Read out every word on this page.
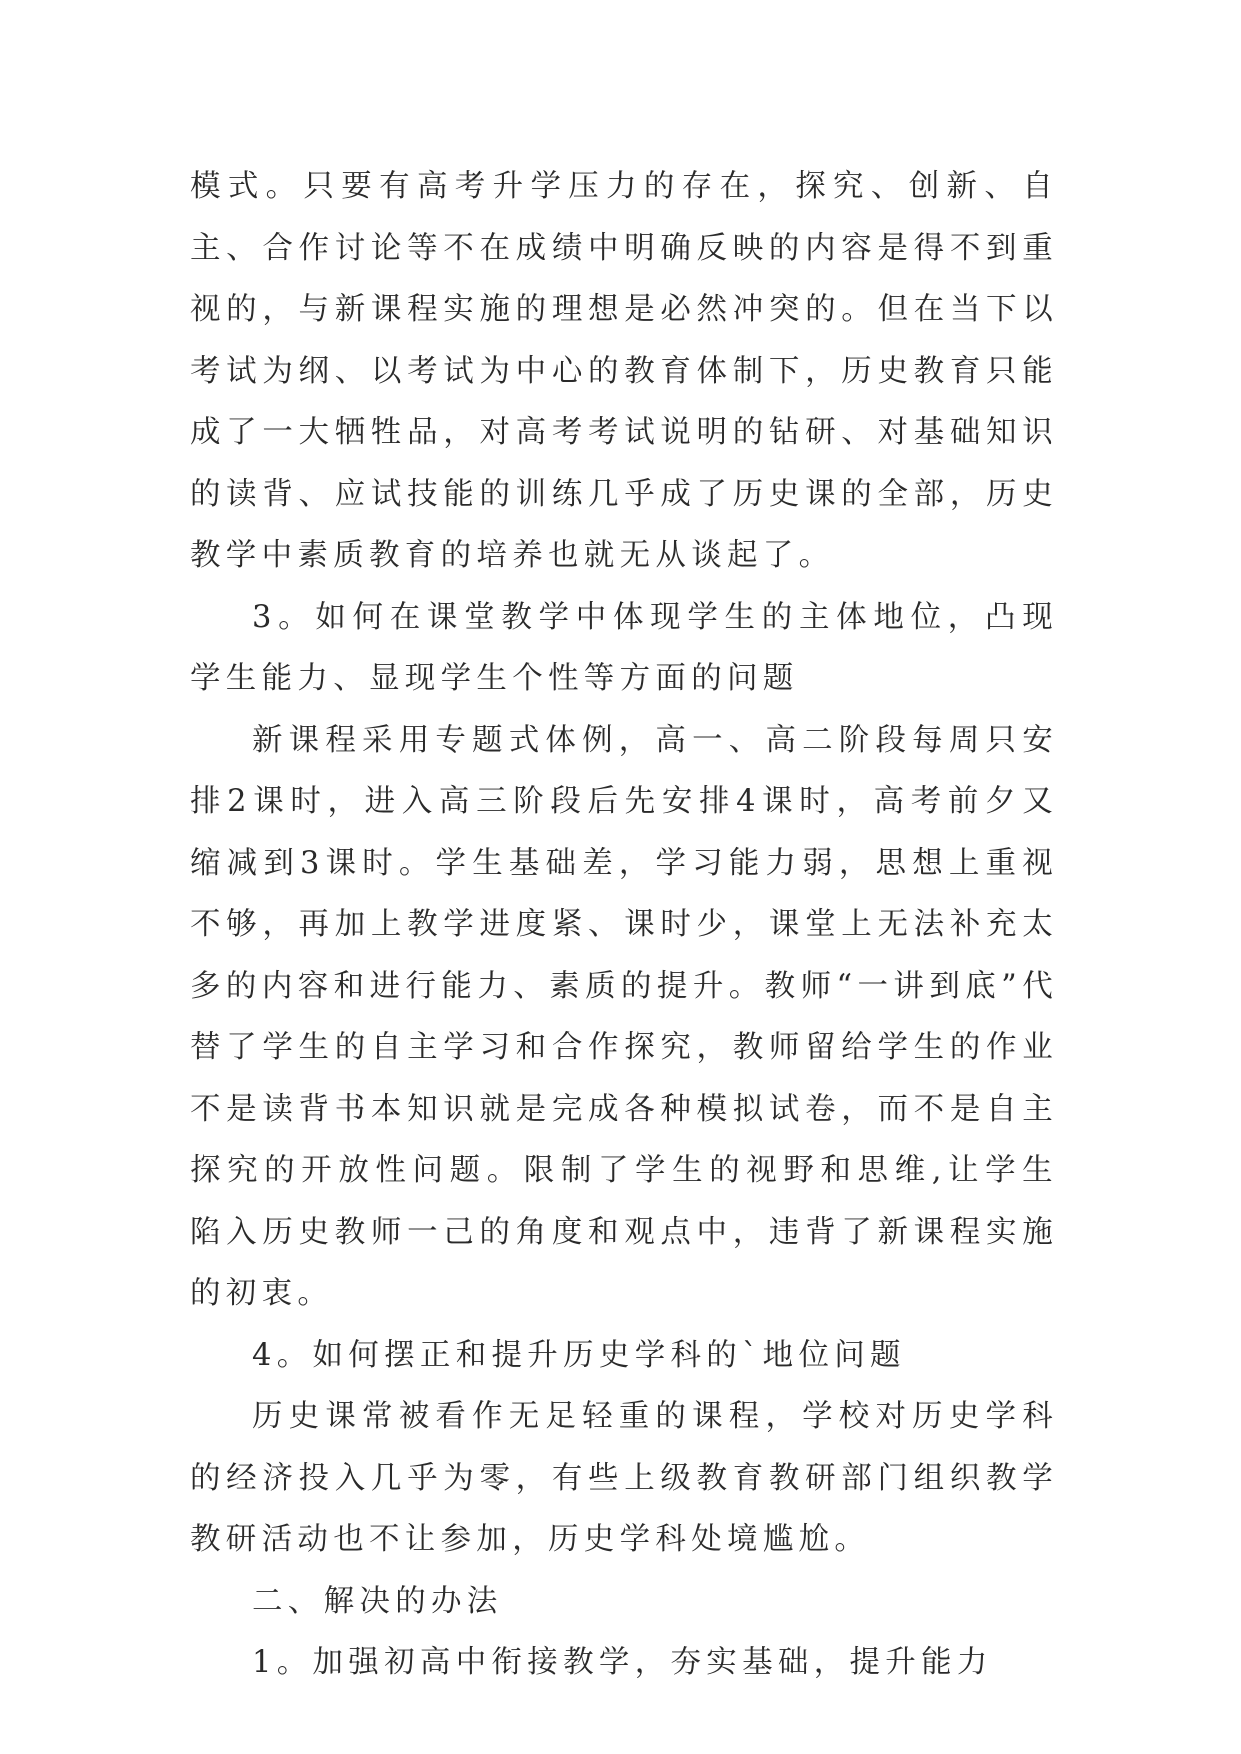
模式。只要有高考升学压力的存在，探究、创新、自主、合作讨论等不在成绩中明确反映的内容是得不到重视的，与新课程实施的理想是必然冲突的。但在当下以考试为纲、以考试为中心的教育体制下，历史教育只能成了一大牺牲品，对高考考试说明的钻研、对基础知识的读背、应试技能的训练几乎成了历史课的全部，历史教学中素质教育的培养也就无从谈起了。

3。如何在课堂教学中体现学生的主体地位，凸现学生能力、显现学生个性等方面的问题

新课程采用专题式体例，高一、高二阶段每周只安排2课时，进入高三阶段后先安排4课时，高考前夕又缩减到3课时。学生基础差，学习能力弱，思想上重视不够，再加上教学进度紧、课时少，课堂上无法补充太多的内容和进行能力、素质的提升。教师“一讲到底”代替了学生的自主学习和合作探究，教师留给学生的作业不是读背书本知识就是完成各种模拟试卷，而不是自主探究的开放性问题。限制了学生的视野和思维,让学生陷入历史教师一己的角度和观点中，违背了新课程实施的初衷。

4。如何摆正和提升历史学科的`地位问题

历史课常被看作无足轻重的课程，学校对历史学科的经济投入几乎为零，有些上级教育教研部门组织教学教研活动也不让参加，历史学科处境尴尬。

二、解决的办法

1。加强初高中衔接教学，夯实基础，提升能力
